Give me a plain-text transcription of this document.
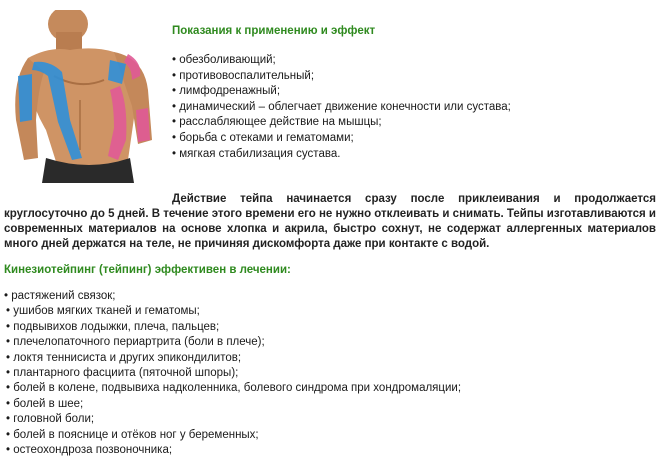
Показания к применению и эффект
• обезболивающий;
• противовоспалительный;
• лимфодренажный;
• динамический – облегчает движение конечности или сустава;
• расслабляющее действие на мышцы;
• борьба с отеками и гематомами;
• мягкая стабилизация сустава.

Действие тейпа начинается сразу после приклеивания и продолжается круглосуточно до 5 дней. В течение этого времени его не нужно отклеивать и снимать. Тейпы изготавливаются и современных материалов на основе хлопка и акрила, быстро сохнут, не содержат аллергенных материалов много дней держатся на теле, не причиняя дискомфорта даже при контакте с водой.

Кинезиотейпинг (тейпинг) эффективен в лечении:
• растяжений связок;
• ушибов мягких тканей и гематомы;
• подвывихов лодыжки, плеча, пальцев;
• плечелопаточного периартрита (боли в плече);
• локтя теннисиста и других эпикондилитов;
• плантарного фасциита (пяточной шпоры);
• болей в колене, подвывиха надколенника, болевого синдрома при хондромаляции;
• болей в шее;
• головной боли;
• болей в пояснице и отёков ног у беременных;
• остеохондроза позвоночника;
